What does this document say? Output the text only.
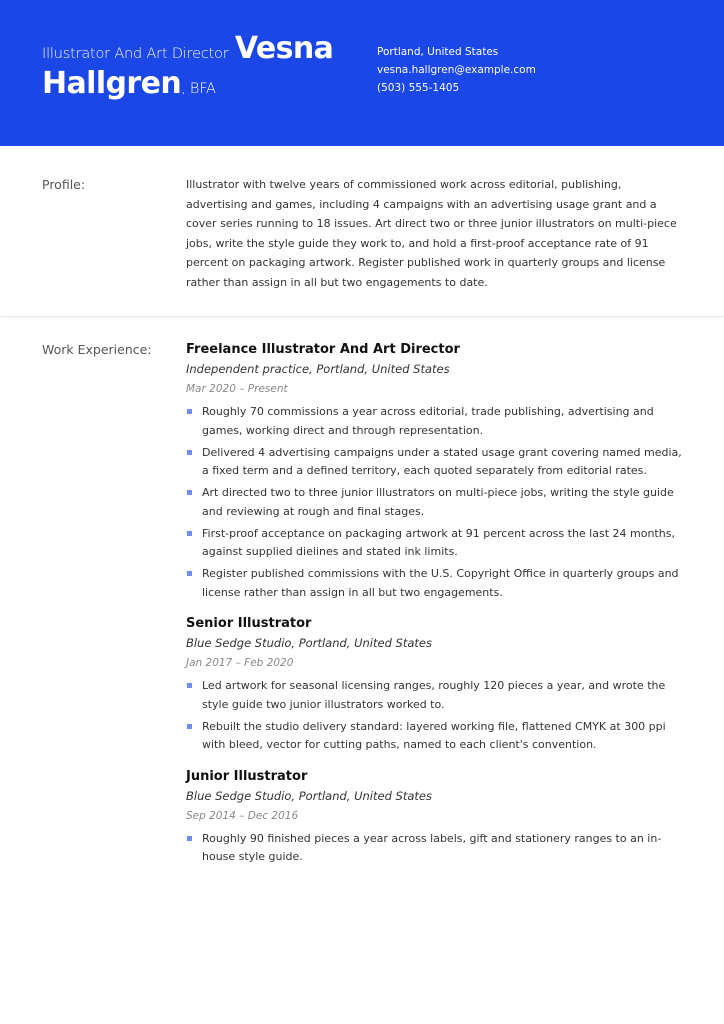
Illustrator And Art Director Vesna
Hallgren, BFA
Portland, United States
vesna.hallgren@example.com
(503) 555-1405
Profile:	Illustrator with twelve years of commissioned work across editorial, publishing, advertising and games, including 4 campaigns with an advertising usage grant and a cover series running to 18 issues. Art direct two or three junior illustrators on multi-piece jobs, write the style guide they work to, and hold a first-proof acceptance rate of 91 percent on packaging artwork. Register published work in quarterly groups and license rather than assign in all but two engagements to date.
Work Experience:	Freelance Illustrator And Art Director
Independent practice, Portland, United States
Mar 2020 – Present
Roughly 70 commissions a year across editorial, trade publishing, advertising and games, working direct and through representation.
Delivered 4 advertising campaigns under a stated usage grant covering named media, a fixed term and a defined territory, each quoted separately from editorial rates.
Art directed two to three junior illustrators on multi-piece jobs, writing the style guide and reviewing at rough and final stages.
First-proof acceptance on packaging artwork at 91 percent across the last 24 months, against supplied dielines and stated ink limits.
Register published commissions with the U.S. Copyright Office in quarterly groups and license rather than assign in all but two engagements.
Senior Illustrator
Blue Sedge Studio, Portland, United States
Jan 2017 – Feb 2020
Led artwork for seasonal licensing ranges, roughly 120 pieces a year, and wrote the style guide two junior illustrators worked to.
Rebuilt the studio delivery standard: layered working file, flattened CMYK at 300 ppi with bleed, vector for cutting paths, named to each client's convention.
Junior Illustrator
Blue Sedge Studio, Portland, United States
Sep 2014 – Dec 2016
Roughly 90 finished pieces a year across labels, gift and stationery ranges to an in-house style guide.
